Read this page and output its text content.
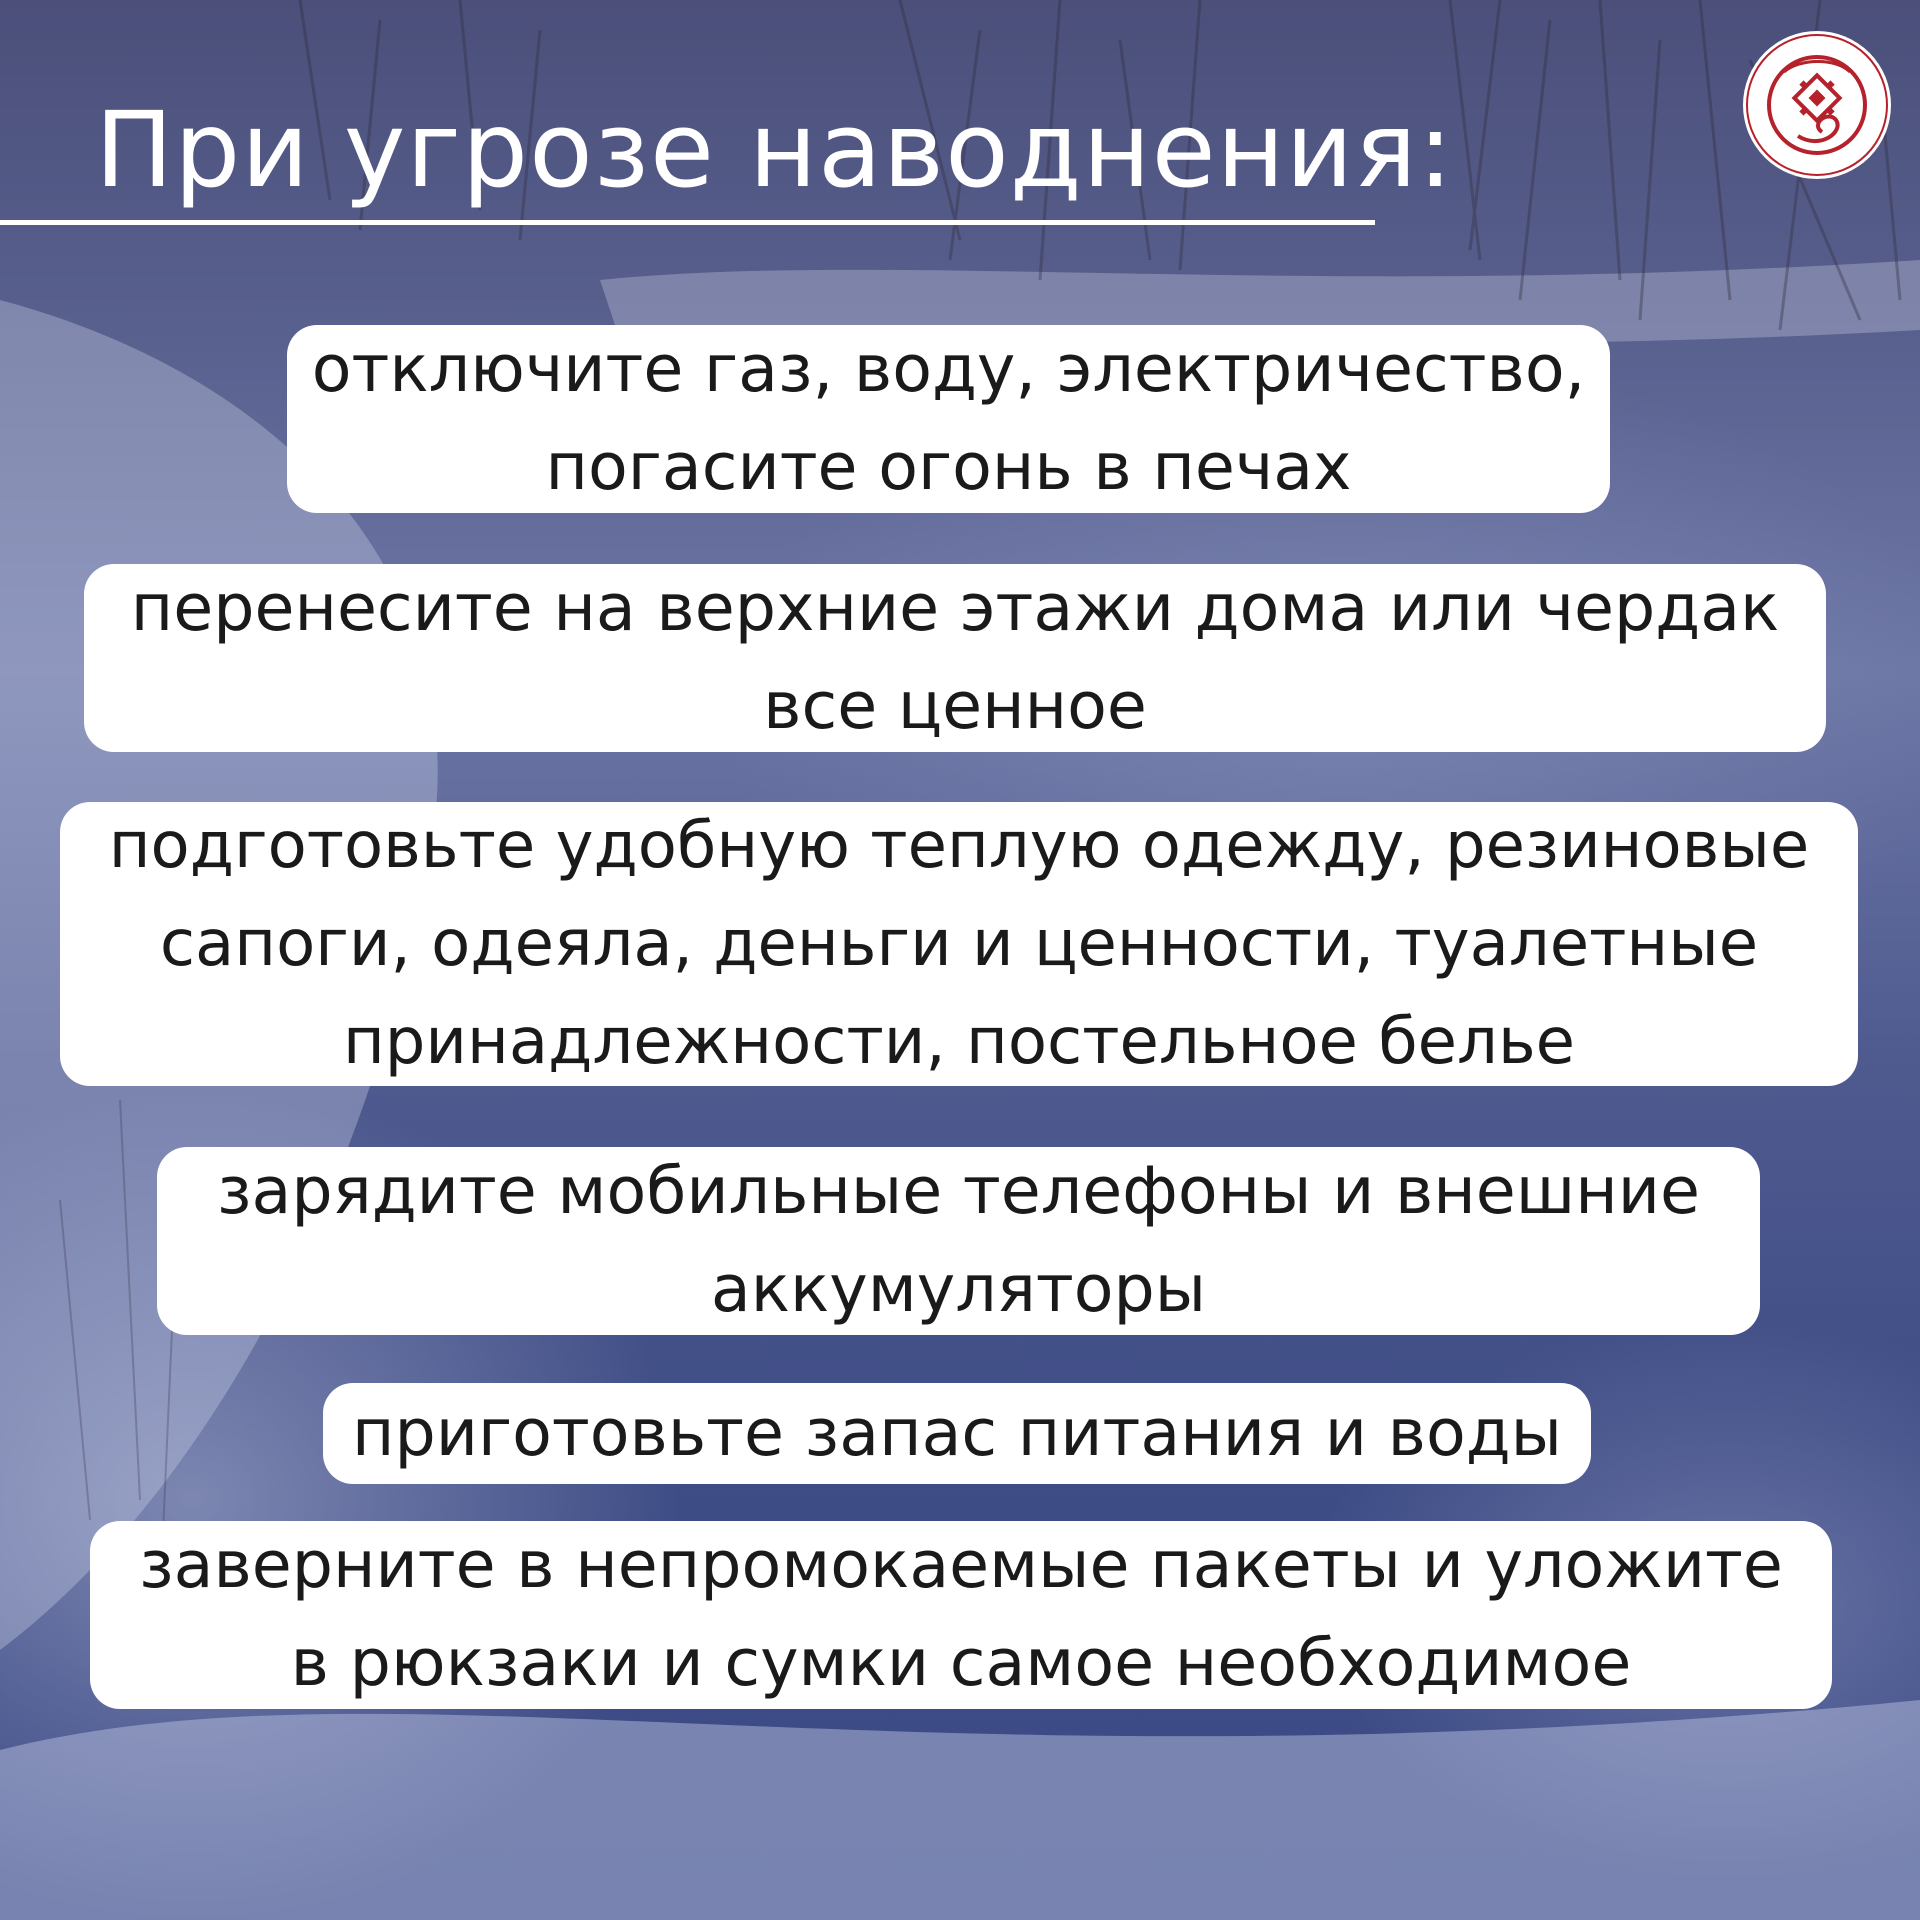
При угрозе наводнения:
отключите газ, воду, электричество,
погасите огонь в печах
перенесите на верхние этажи дома или чердак
все ценное
подготовьте удобную теплую одежду, резиновые
сапоги, одеяла, деньги и ценности, туалетные
принадлежности, постельное белье
зарядите мобильные телефоны и внешние
аккумуляторы
приготовьте запас питания и воды
заверните в непромокаемые пакеты и уложите
в рюкзаки и сумки самое необходимое
